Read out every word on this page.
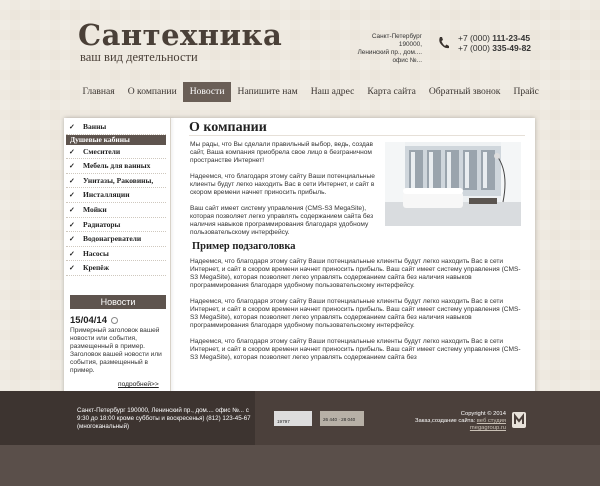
Сантехника
ваш вид деятельности
Санкт-Петербург 190000,
Ленинский пр., дом....
офис №...
+7 (000) 111-23-45
+7 (000) 335-49-82
Главная	О компании	Новости	Напишите нам	Наш адрес	Карта сайта	Обратный звонок	Прайс
✓ Ванны
Душевые кабины
✓ Смесители
✓ Мебель для ванных
✓ Унитазы, Раковины,
✓ Инсталляции
✓ Мойки
✓ Радиаторы
✓ Водонагреватели
✓ Насосы
✓ Крепёж
Новости
15/04/14
Примерный заголовок вашей новости или события, размещенный в пример. Заголовок вашей новости или события, размещенный в пример.
подробней>>
О компании

Мы рады, что Вы сделали правильный выбор, ведь, создав сайт, Ваша компания приобрела свое лицо в безграничном пространстве Интернет!

Надеемся, что благодаря этому сайту Ваши потенциальные клиенты будут легко находить Вас в сети Интернет, и сайт в скором времени начнет приносить прибыль.

Ваш сайт имеет систему управления (CMS-S3 MegaSite), которая позволяет легко управлять содержанием сайта без наличия навыков программирования благодаря удобному пользовательскому интерфейсу.

Пример подзаголовка

Надеемся, что благодаря этому сайту Ваши потенциальные клиенты будут легко находить Вас в сети Интернет, и сайт в скором времени начнет приносить прибыль. Ваш сайт имеет систему управления (CMS-S3 MegaSite), которая позволяет легко управлять содержанием сайта без наличия навыков программирования благодаря удобному пользовательскому интерфейсу.

Надеемся, что благодаря этому сайту Ваши потенциальные клиенты будут легко находить Вас в сети Интернет, и сайт в скором времени начнет приносить прибыль. Ваш сайт имеет систему управления (CMS-S3 MegaSite), которая позволяет легко управлять содержанием сайта без наличия навыков программирования благодаря удобному пользовательскому интерфейсу.

Надеемся, что благодаря этому сайту Ваши потенциальные клиенты будут легко находить Вас в сети Интернет, и сайт в скором времени начнет приносить прибыль. Ваш сайт имеет систему управления (CMS-S3 MegaSite), которая позволяет легко управлять содержанием сайта без

Санкт-Петербург 190000, Ленинский пр., дом.... офис №... с 9:30 до 18:00 кроме субботы и воскресенья) (812) 123-45-67 (многоканальный)
19797	26 440 · 28 040
Copyright © 2014
Заказ,создание сайта: веб студия megagroup.ru
